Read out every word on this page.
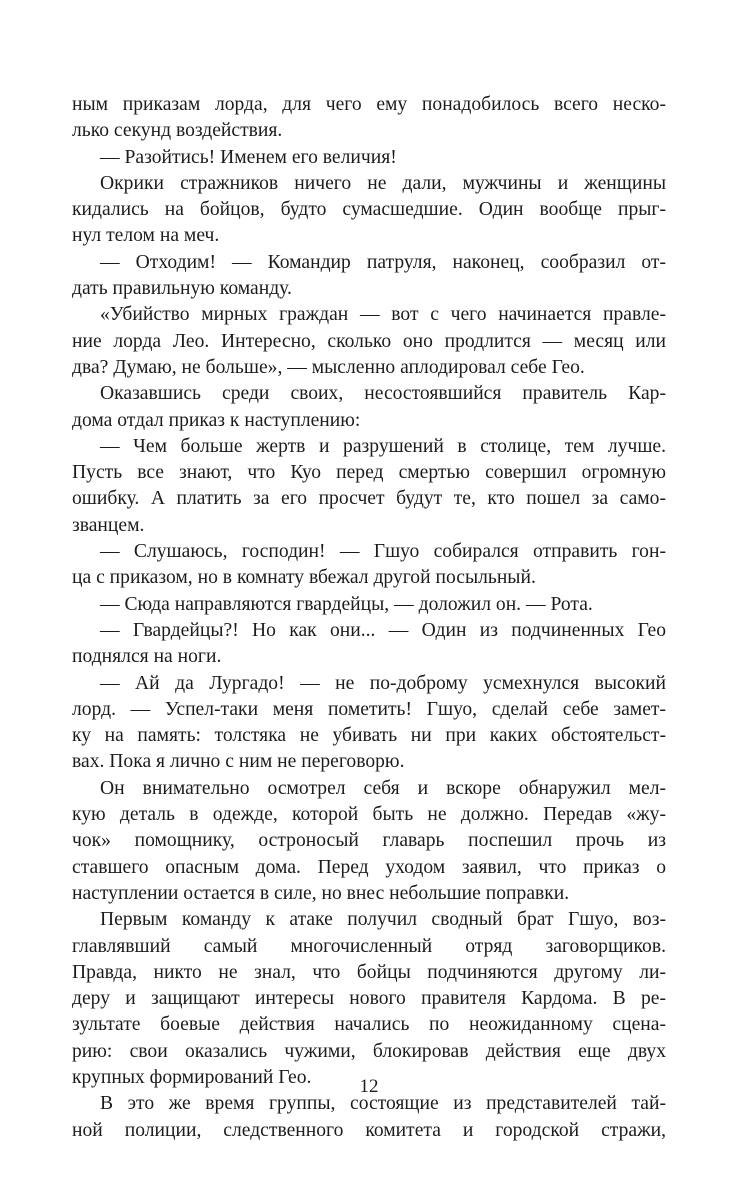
ным приказам лорда, для чего ему понадобилось всего неско-
лько секунд воздействия.
— Разойтись! Именем его величия!
Окрики стражников ничего не дали, мужчины и женщины
кидались на бойцов, будто сумасшедшие. Один вообще прыг-
нул телом на меч.
— Отходим! — Командир патруля, наконец, сообразил от-
дать правильную команду.
«Убийство мирных граждан — вот с чего начинается правле-
ние лорда Лео. Интересно, сколько оно продлится — месяц или
два? Думаю, не больше», — мысленно аплодировал себе Гео.
Оказавшись среди своих, несостоявшийся правитель Кар-
дома отдал приказ к наступлению:
— Чем больше жертв и разрушений в столице, тем лучше.
Пусть все знают, что Куо перед смертью совершил огромную
ошибку. А платить за его просчет будут те, кто пошел за само-
званцем.
— Слушаюсь, господин! — Гшуо собирался отправить гон-
ца с приказом, но в комнату вбежал другой посыльный.
— Сюда направляются гвардейцы, — доложил он. — Рота.
— Гвардейцы?! Но как они... — Один из подчиненных Гео
поднялся на ноги.
— Ай да Лургадо! — не по-доброму усмехнулся высокий
лорд. — Успел-таки меня пометить! Гшуо, сделай себе замет-
ку на память: толстяка не убивать ни при каких обстоятельст-
вах. Пока я лично с ним не переговорю.
Он внимательно осмотрел себя и вскоре обнаружил мел-
кую деталь в одежде, которой быть не должно. Передав «жу-
чок» помощнику, остроносый главарь поспешил прочь из
ставшего опасным дома. Перед уходом заявил, что приказ о
наступлении остается в силе, но внес небольшие поправки.
Первым команду к атаке получил сводный брат Гшуо, воз-
главлявший самый многочисленный отряд заговорщиков.
Правда, никто не знал, что бойцы подчиняются другому ли-
деру и защищают интересы нового правителя Кардома. В ре-
зультате боевые действия начались по неожиданному сцена-
рию: свои оказались чужими, блокировав действия еще двух
крупных формирований Гео.
В это же время группы, состоящие из представителей тай-
ной полиции, следственного комитета и городской стражи,
12
